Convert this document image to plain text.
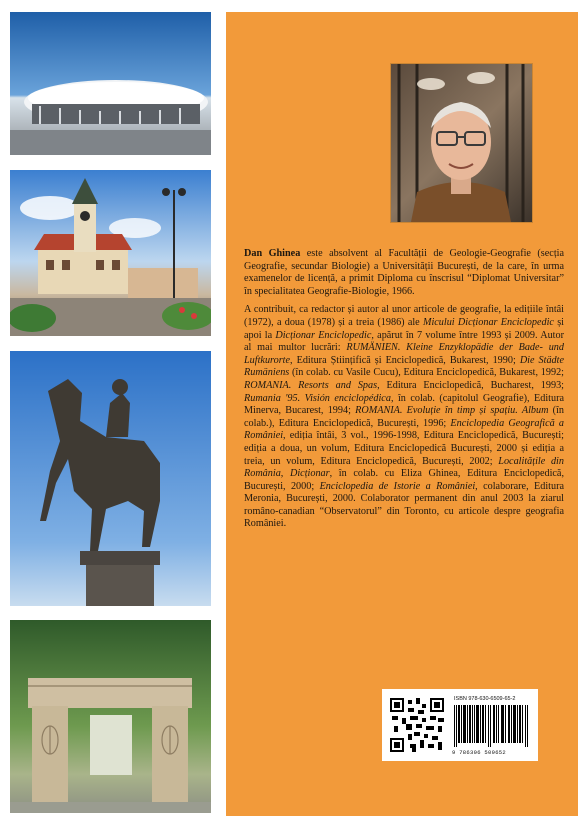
Dan Ghinea este absolvent al Facultății de Geologie-Geografie (secția Geografie, secundar Biologie) a Universității București, de la care, în urma examenelor de licență, a primit Diploma cu înscrisul “Diplomat Universitar” în specialitatea Geografie-Biologie, 1966.

A contribuit, ca redactor și autor al unor articole de geografie, la edițiile întâi (1972), a doua (1978) și a treia (1986) ale Micului Dicționar Enciclopedic și apoi la Dicționar Enciclopedic, apărut în 7 volume între 1993 și 2009. Autor al mai multor lucrări: RUMÄNIEN. Kleine Enzyklopädie der Bade- und Luftkurorte, Editura Științifică și Enciclopedică, Bukarest, 1990; Die Städte Rumäniens (în colab. cu Vasile Cucu), Editura Enciclopedică, Bukarest, 1992; ROMANIA. Resorts and Spas, Editura Enciclopedică, Bucharest, 1993; Rumania '95. Visión enciclopédica, în colab. (capitolul Geografie), Editura Minerva, Bucarest, 1994; ROMANIA. Evoluție în timp și spațiu. Album (în colab.), Editura Enciclopedică, București, 1996; Enciclopedia Geografică a României, ediția întâi, 3 vol., 1996-1998, Editura Enciclopedică, București; ediția a doua, un volum, Editura Enciclopedică București, 2000 și ediția a treia, un volum, Editura Enciclopedică, București, 2002; Localitățile din România, Dicționar, în colab. cu Eliza Ghinea, Editura Enciclopedică, București, 2000; Enciclopedia de Istorie a României, colaborare, Editura Meronia, București, 2000. Colaborator permanent din anul 2003 la ziarul româno-canadian “Observatorul” din Toronto, cu articole despre geografia României.

ISBN 978-630-6509-65-2
9 786306 509652
